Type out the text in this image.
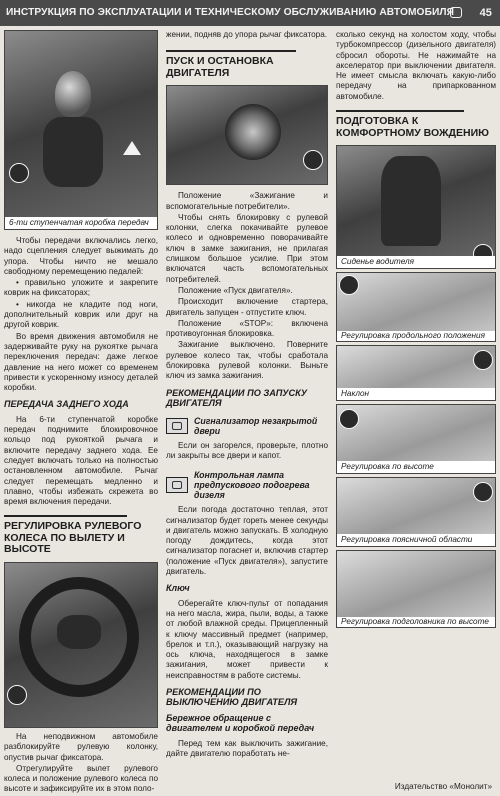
ИНСТРУКЦИЯ ПО ЭКСПЛУАТАЦИИ И ТЕХНИЧЕСКОМУ ОБСЛУЖИВАНИЮ АВТОМОБИЛЯ 45
6-ти ступенчатая коробка передач

Чтобы передачи включались легко, надо сцепления следует выжимать до упора. Чтобы ничто не мешало свободному перемещению педалей:

• правильно уложите и закрепите коврик на фиксаторах;

• никогда не кладите под ноги, дополнительный коврик или друг на другой коврик.

Во время движения автомобиля не задерживайте руку на рукоятке рычага переключения передач: даже легкое давление на него может со временем привести к ускоренному износу деталей коробки.

ПЕРЕДАЧА ЗАДНЕГО ХОДА

На 6-ти ступенчатой коробке передач поднимите блокировочное кольцо под рукояткой рычага и включите передачу заднего хода. Ее следует включать только на полностью остановленном автомобиле. Рычаг следует перемещать медленно и плавно, чтобы избежать скрежета во время включения передачи.

РЕГУЛИРОВКА РУЛЕВОГО КОЛЕСА ПО ВЫЛЕТУ И ВЫСОТЕ

На неподвижном автомобиле разблокируйте рулевую колонку, опустив рычаг фиксатора.

Отрегулируйте вылет рулевого колеса и положение рулевого колеса по высоте и зафиксируйте их в этом поло-

жении, подняв до упора рычаг фиксатора.

ПУСК И ОСТАНОВКА ДВИГАТЕЛЯ

Положение «Зажигание и вспомогательные потребители».

Чтобы снять блокировку с рулевой колонки, слегка покачивайте рулевое колесо и одновременно поворачивайте ключ в замке зажигания, не прилагая слишком большое усилие. При этом включатся часть вспомогательных потребителей.

Положение «Пуск двигателя».

Происходит включение стартера, двигатель запущен - отпустите ключ.

Положение «STOP»: включена противоугонная блокировка.

Зажигание выключено. Поверните рулевое колесо так, чтобы сработала блокировка рулевой колонки. Выньте ключ из замка зажигания.

РЕКОМЕНДАЦИИ ПО ЗАПУСКУ ДВИГАТЕЛЯ
Сигнализатор незакрытой двери

Если он загорелся, проверьте, плотно ли закрыты все двери и капот.

Контрольная лампа предпускового подогрева дизеля

Если погода достаточно теплая, этот сигнализатор будет гореть менее секунды и двигатель можно запускать. В холодную погоду дождитесь, когда этот сигнализатор погаснет и, включив стартер (положение «Пуск двигателя»), запустите двигатель.

Ключ

Оберегайте ключ-пульт от попадания на него масла, жира, пыли, воды, а также от любой влажной среды. Прицепленный к ключу массивный предмет (например, брелок и т.п.), оказывающий нагрузку на ось ключа, находящегося в замке зажигания, может привести к неисправностям в работе системы.

РЕКОМЕНДАЦИИ ПО ВЫКЛЮЧЕНИЮ ДВИГАТЕЛЯ
Бережное обращение с двигателем и коробкой передач

Перед тем как выключить зажигание, дайте двигателю поработать не-

сколько секунд на холостом ходу, чтобы турбокомпрессор (дизельного двигателя) сбросил обороты. Не нажимайте на акселератор при выключении двигателя. Не имеет смысла включать какую-либо передачу на припаркованном автомобиле.

ПОДГОТОВКА К КОМФОРТНОМУ ВОЖДЕНИЮ
Сиденье водителя
Регулировка продольного положения
Наклон
Регулировка по высоте
Регулировка поясничной области
Регулировка подголовника по высоте
Издательство «Монолит»
